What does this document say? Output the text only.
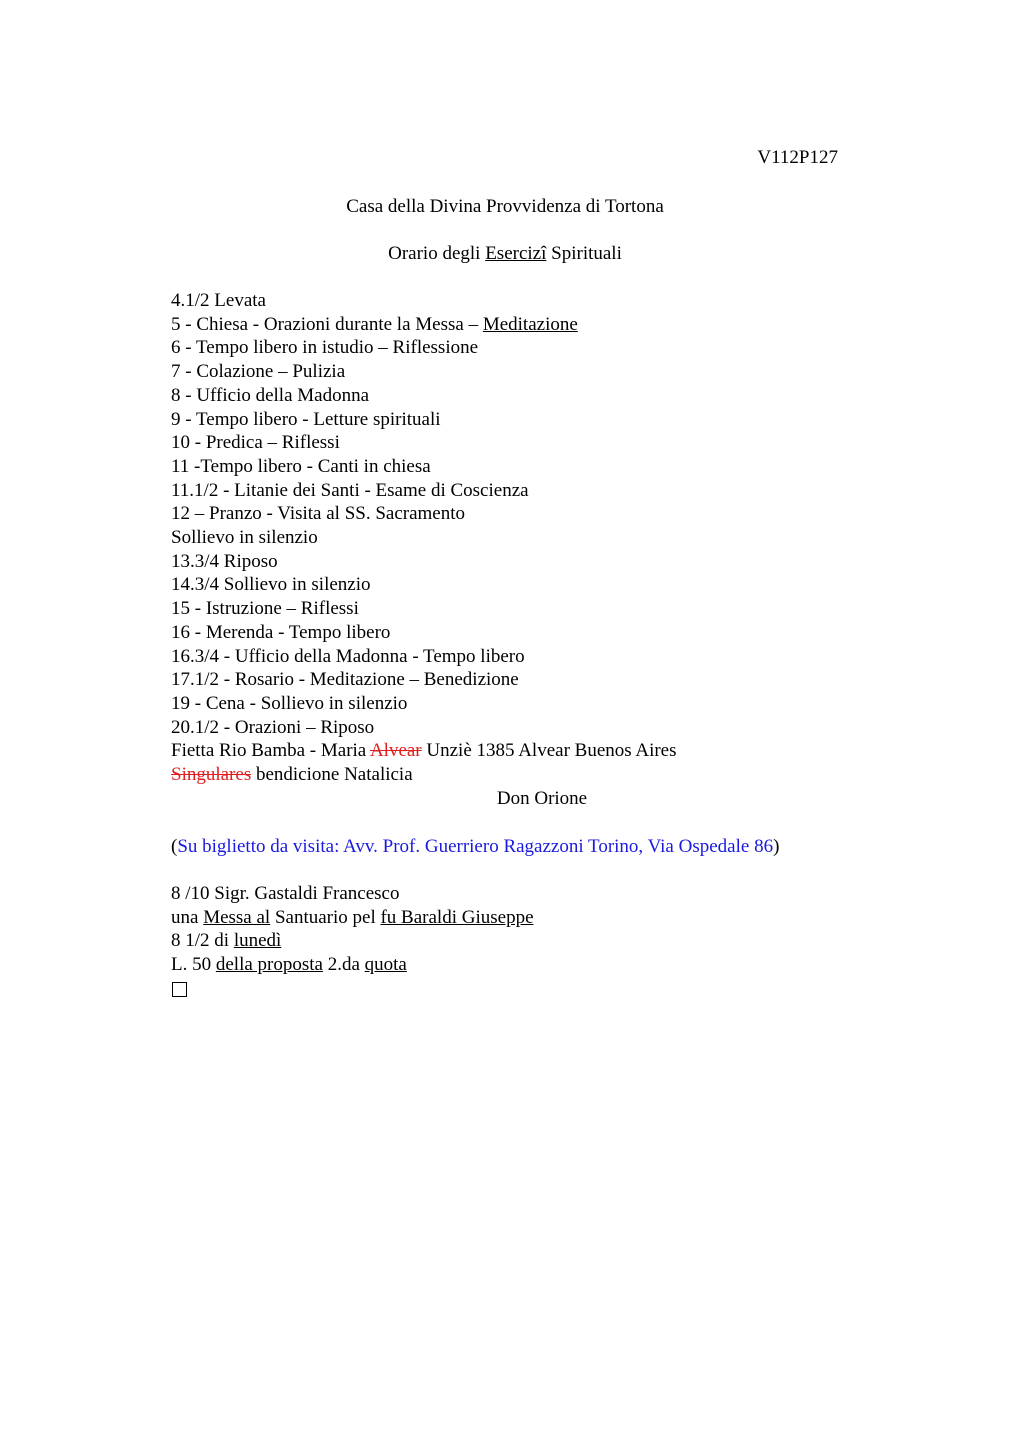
V112P127
Casa della Divina Provvidenza di Tortona
Orario degli Esercizi Spirituali
4.1/2 Levata
5 - Chiesa - Orazioni durante la Messa – Meditazione
6 - Tempo libero in istudio – Riflessione
7 - Colazione – Pulizia
8 - Ufficio della Madonna
9 - Tempo libero - Letture spirituali
10 - Predica – Riflessi
11 -Tempo libero - Canti in chiesa
11.1/2 - Litanie dei Santi - Esame di Coscienza
12 – Pranzo - Visita al SS. Sacramento
Sollievo in silenzio
13.3/4 Riposo
14.3/4 Sollievo in silenzio
15 - Istruzione – Riflessi
16 - Merenda - Tempo libero
16.3/4 - Ufficio della Madonna - Tempo libero
17.1/2 - Rosario - Meditazione – Benedizione
19 - Cena - Sollievo in silenzio
20.1/2 - Orazioni – Riposo
Fietta Rio Bamba - Maria Alvear Unziè 1385 Alvear Buenos Aires
Singulares bendicione Natalicia
Don Orione
(Su biglietto da visita: Avv. Prof. Guerriero Ragazzoni Torino, Via Ospedale 86)
8 /10 Sigr. Gastaldi Francesco
una Messa al Santuario pel fu Baraldi Giuseppe
8 1/2 di lunedì
L. 50 della proposta 2.da quota
